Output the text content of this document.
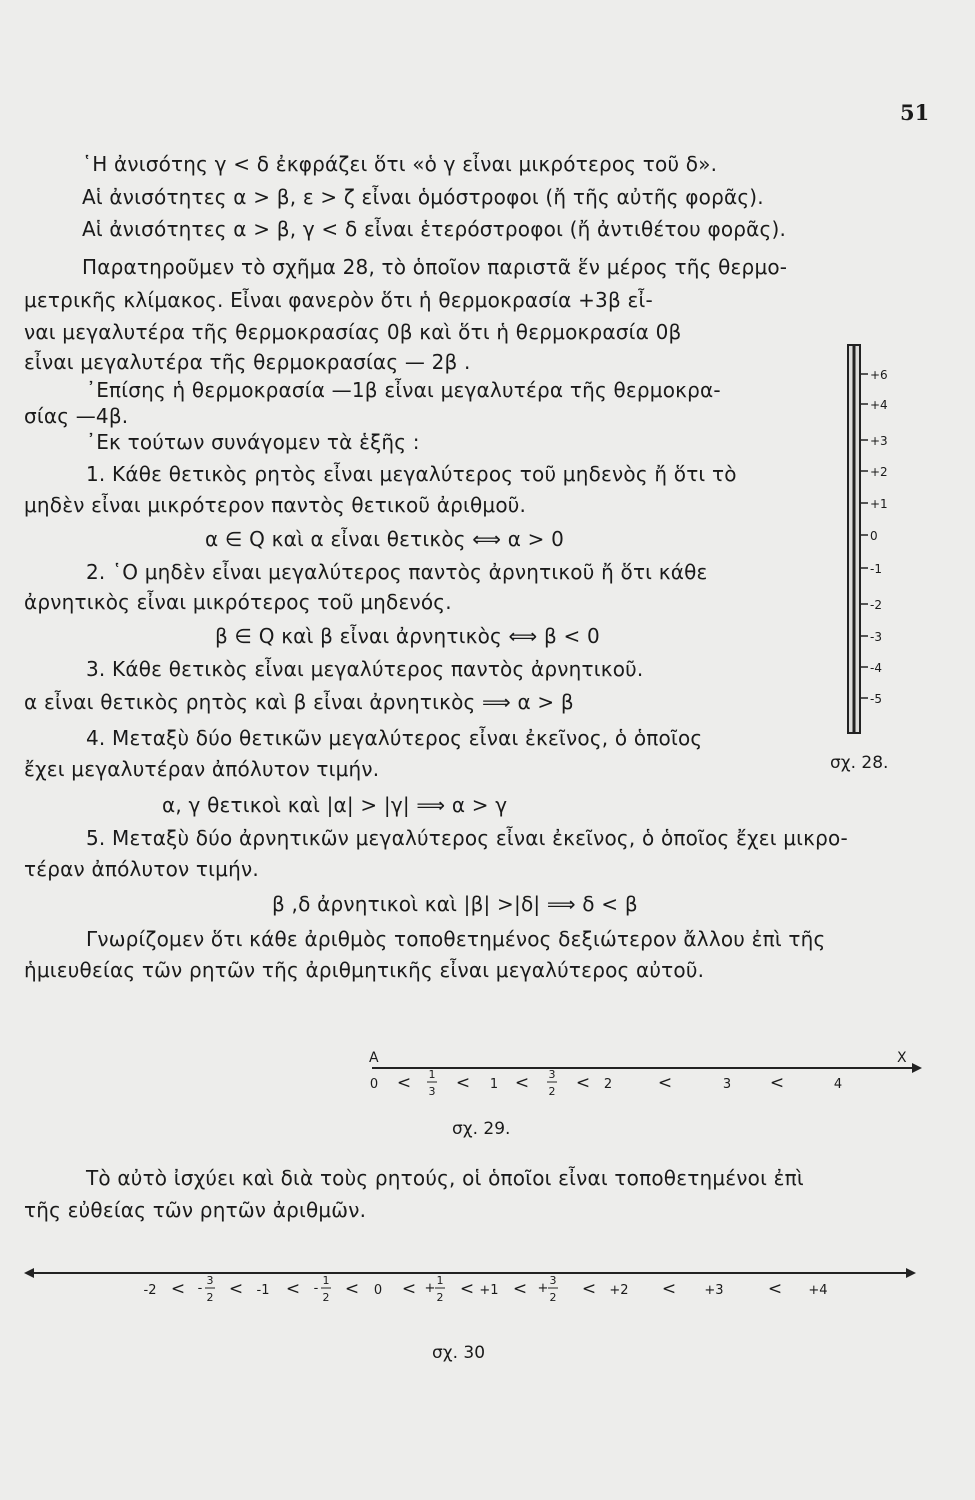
51
῾Η ἀνισότης γ < δ ἐκφράζει ὅτι «ὁ γ εἶναι μικρότερος τοῦ δ».
Αἱ ἀνισότητες α > β, ε > ζ εἶναι ὁμόστροφοι (ἤ τῆς αὐτῆς φορᾶς).
Αἱ ἀνισότητες α > β, γ < δ εἶναι ἑτερόστροφοι (ἤ ἀντιθέτου φορᾶς).
Παρατηροῦμεν τὸ σχῆμα 28, τὸ ὁποῖον παριστᾶ ἕν μέρος τῆς θερμο-
μετρικῆς κλίμακος. Εἶναι φανερὸν ὅτι ἡ θερμοκρασία +3β εἶ-
ναι μεγαλυτέρα τῆς θερμοκρασίας 0β καὶ ὅτι ἡ θερμοκρασία 0β
εἶναι μεγαλυτέρα τῆς θερμοκρασίας — 2β .
᾿Επίσης ἡ θερμοκρασία —1β εἶναι μεγαλυτέρα τῆς θερμοκρα-
σίας —4β.
᾿Εκ τούτων συνάγομεν τὰ ἑξῆς :
1. Κάθε θετικὸς ρητὸς εἶναι μεγαλύτερος τοῦ μηδενὸς ἤ ὅτι τὸ
μηδὲν εἶναι μικρότερον παντὸς θετικοῦ ἀριθμοῦ.
α ∈ Q καὶ α εἶναι θετικὸς ⟺ α > 0
2. ῾Ο μηδὲν εἶναι μεγαλύτερος παντὸς ἀρνητικοῦ ἤ ὅτι κάθε
ἀρνητικὸς εἶναι μικρότερος τοῦ μηδενός.
β ∈ Q καὶ β εἶναι ἀρνητικὸς ⟺ β < 0
3. Κάθε θετικὸς εἶναι μεγαλύτερος παντὸς ἀρνητικοῦ.
α εἶναι θετικὸς ρητὸς καὶ β εἶναι ἀρνητικὸς ⟹ α > β
4. Μεταξὺ δύο θετικῶν μεγαλύτερος εἶναι ἐκεῖνος, ὁ ὁποῖος
ἔχει μεγαλυτέραν ἀπόλυτον τιμήν.
α, γ θετικοὶ καὶ |α| > |γ| ⟹ α > γ
5. Μεταξὺ δύο ἀρνητικῶν μεγαλύτερος εἶναι ἐκεῖνος, ὁ ὁποῖος ἔχει μικρο-
τέραν ἀπόλυτον τιμήν.
β ,δ ἀρνητικοὶ καὶ |β| >|δ| ⟹ δ < β
Γνωρίζομεν ὅτι κάθε ἀριθμὸς τοποθετημένος δεξιώτερον ἄλλου ἐπὶ τῆς
ἡμιευθείας τῶν ρητῶν τῆς ἀριθμητικῆς εἶναι μεγαλύτερος αὐτοῦ.
Τὸ αὐτὸ ἰσχύει καὶ διὰ τοὺς ρητούς, οἱ ὁποῖοι εἶναι τοποθετημένοι ἐπὶ
τῆς εὐθείας τῶν ρητῶν ἀριθμῶν.
+6
+4
+3
+2
+1
0
-1
-2
-3
-4
-5
σχ. 28.
A	X
0 < 1
3 < 1 < 3
2 < 2	<	3 <	4
σχ. 29.
-2 < -
3
2 < -1 < -
1
2 < 0 < +
1
2 < +1 < +
3
2 < +2 < +3	< +4
σχ. 30
